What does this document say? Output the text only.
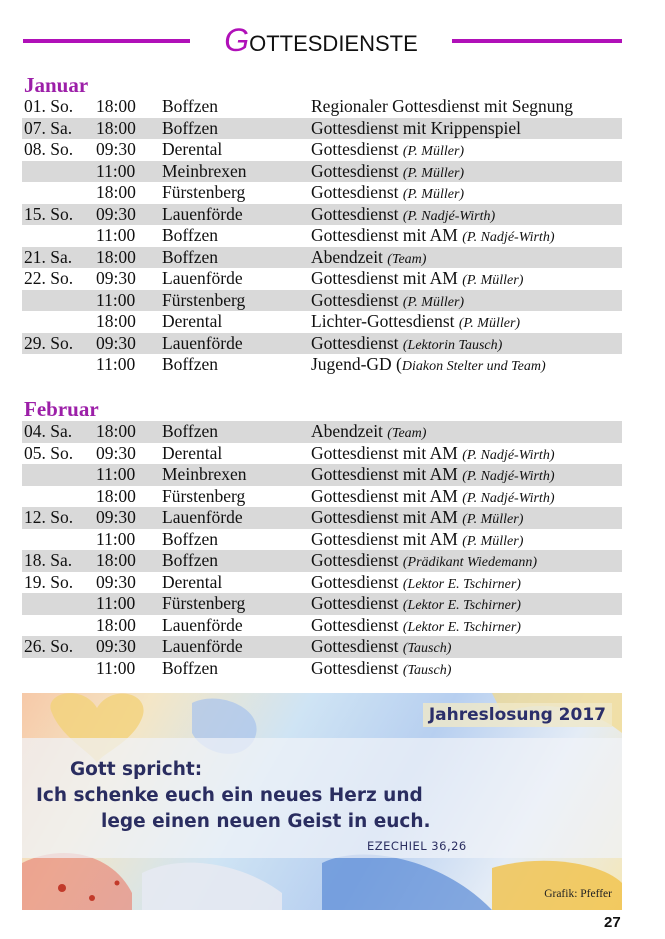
GOTTESDIENSTE
Januar
01. So. 18:00 Boffzen	Regionaler Gottesdienst mit Segnung
07. Sa. 18:00 Boffzen	Gottesdienst mit Krippenspiel
08. So. 09:30 Derental	Gottesdienst (P. Müller)
11:00 Meinbrexen	Gottesdienst (P. Müller)
18:00 Fürstenberg	Gottesdienst (P. Müller)
15. So. 09:30 Lauenförde	Gottesdienst (P. Nadjé-Wirth)
11:00 Boffzen	Gottesdienst mit AM (P. Nadjé-Wirth)
21. Sa. 18:00 Boffzen	Abendzeit (Team)
22. So. 09:30 Lauenförde	Gottesdienst mit AM (P. Müller)
11:00 Fürstenberg	Gottesdienst (P. Müller)
18:00 Derental	Lichter-Gottesdienst (P. Müller)
29. So. 09:30 Lauenförde	Gottesdienst (Lektorin Tausch)
11:00 Boffzen	Jugend-GD (Diakon Stelter und Team)
Februar
04. Sa. 18:00 Boffzen	Abendzeit (Team)
05. So. 09:30 Derental	Gottesdienst mit AM (P. Nadjé-Wirth)
11:00 Meinbrexen	Gottesdienst mit AM (P. Nadjé-Wirth)
18:00 Fürstenberg	Gottesdienst mit AM (P. Nadjé-Wirth)
12. So. 09:30 Lauenförde	Gottesdienst mit AM (P. Müller)
11:00 Boffzen	Gottesdienst mit AM (P. Müller)
18. Sa. 18:00 Boffzen	Gottesdienst (Prädikant Wiedemann)
19. So. 09:30 Derental	Gottesdienst (Lektor E. Tschirner)
11:00 Fürstenberg	Gottesdienst (Lektor E. Tschirner)
18:00 Lauenförde	Gottesdienst (Lektor E. Tschirner)
26. So. 09:30 Lauenförde	Gottesdienst (Tausch)
11:00 Boffzen	Gottesdienst (Tausch)
Jahreslosung 2017
Gott spricht:
Ich schenke euch ein neues Herz und
lege einen neuen Geist in euch.
EZECHIEL 36,26
Grafik: Pfeffer
27
